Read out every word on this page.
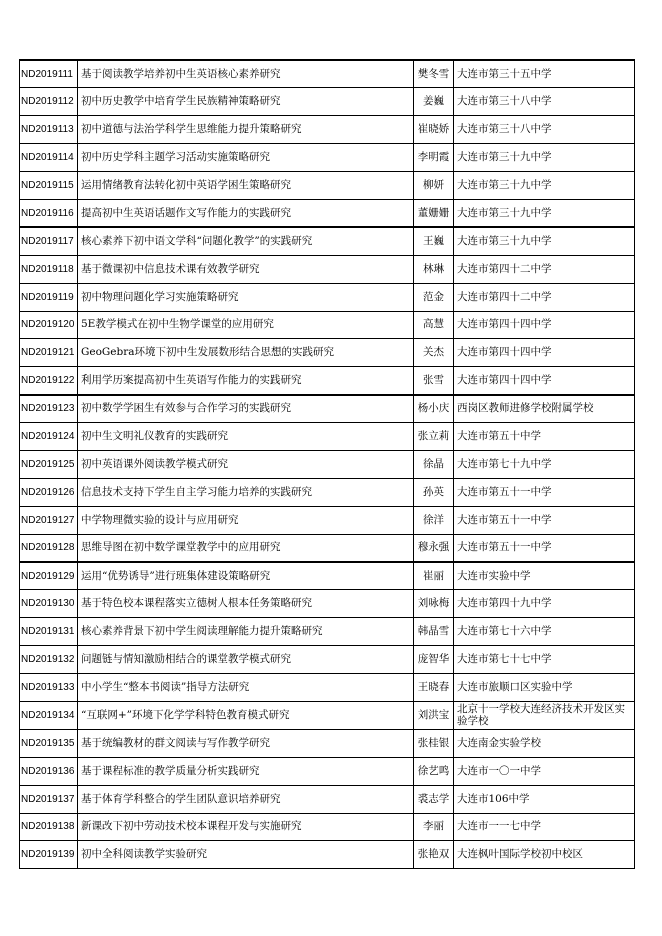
ND2019111	基于阅读教学培养初中生英语核心素养研究	樊冬雪	大连市第三十五中学
ND2019112	初中历史教学中培育学生民族精神策略研究	姜巍	大连市第三十八中学
ND2019113	初中道德与法治学科学生思维能力提升策略研究	崔晓娇	大连市第三十八中学
ND2019114	初中历史学科主题学习活动实施策略研究	李明霞	大连市第三十九中学
ND2019115	运用情绪教育法转化初中英语学困生策略研究	柳妍	大连市第三十九中学
ND2019116	提高初中生英语话题作文写作能力的实践研究	董姗姗	大连市第三十九中学
ND2019117	核心素养下初中语文学科“问题化教学”的实践研究	王巍	大连市第三十九中学
ND2019118	基于微课初中信息技术课有效教学研究	林琳	大连市第四十二中学
ND2019119	初中物理问题化学习实施策略研究	范金	大连市第四十二中学
ND2019120	5E教学模式在初中生物学课堂的应用研究	高慧	大连市第四十四中学
ND2019121	GeoGebra环境下初中生发展数形结合思想的实践研究	关杰	大连市第四十四中学
ND2019122	利用学历案提高初中生英语写作能力的实践研究	张雪	大连市第四十四中学
ND2019123	初中数学学困生有效参与合作学习的实践研究	杨小庆	西岗区教师进修学校附属学校
ND2019124	初中生文明礼仪教育的实践研究	张立莉	大连市第五十中学
ND2019125	初中英语课外阅读教学模式研究	徐晶	大连市第七十九中学
ND2019126	信息技术支持下学生自主学习能力培养的实践研究	孙英	大连市第五十一中学
ND2019127	中学物理微实验的设计与应用研究	徐洋	大连市第五十一中学
ND2019128	思维导图在初中数学课堂教学中的应用研究	穆永强	大连市第五十一中学
ND2019129	运用“优势诱导”进行班集体建设策略研究	崔丽	大连市实验中学
ND2019130	基于特色校本课程落实立德树人根本任务策略研究	刘咏梅	大连市第四十九中学
ND2019131	核心素养背景下初中学生阅读理解能力提升策略研究	韩晶雪	大连市第七十六中学
ND2019132	问题链与情知激励相结合的课堂教学模式研究	庞智华	大连市第七十七中学
ND2019133	中小学生“整本书阅读”指导方法研究	王晓春	大连市旅顺口区实验中学
ND2019134	“互联网+”环境下化学学科特色教育模式研究	刘洪宝	北京十一学校大连经济技术开发区实验学校
ND2019135	基于统编教材的群文阅读与写作教学研究	张桂银	大连南金实验学校
ND2019136	基于课程标准的教学质量分析实践研究	徐艺鸣	大连市一〇一中学
ND2019137	基于体育学科整合的学生团队意识培养研究	裘志学	大连市106中学
ND2019138	新课改下初中劳动技术校本课程开发与实施研究	李丽	大连市一一七中学
ND2019139	初中全科阅读教学实验研究	张艳双	大连枫叶国际学校初中校区
